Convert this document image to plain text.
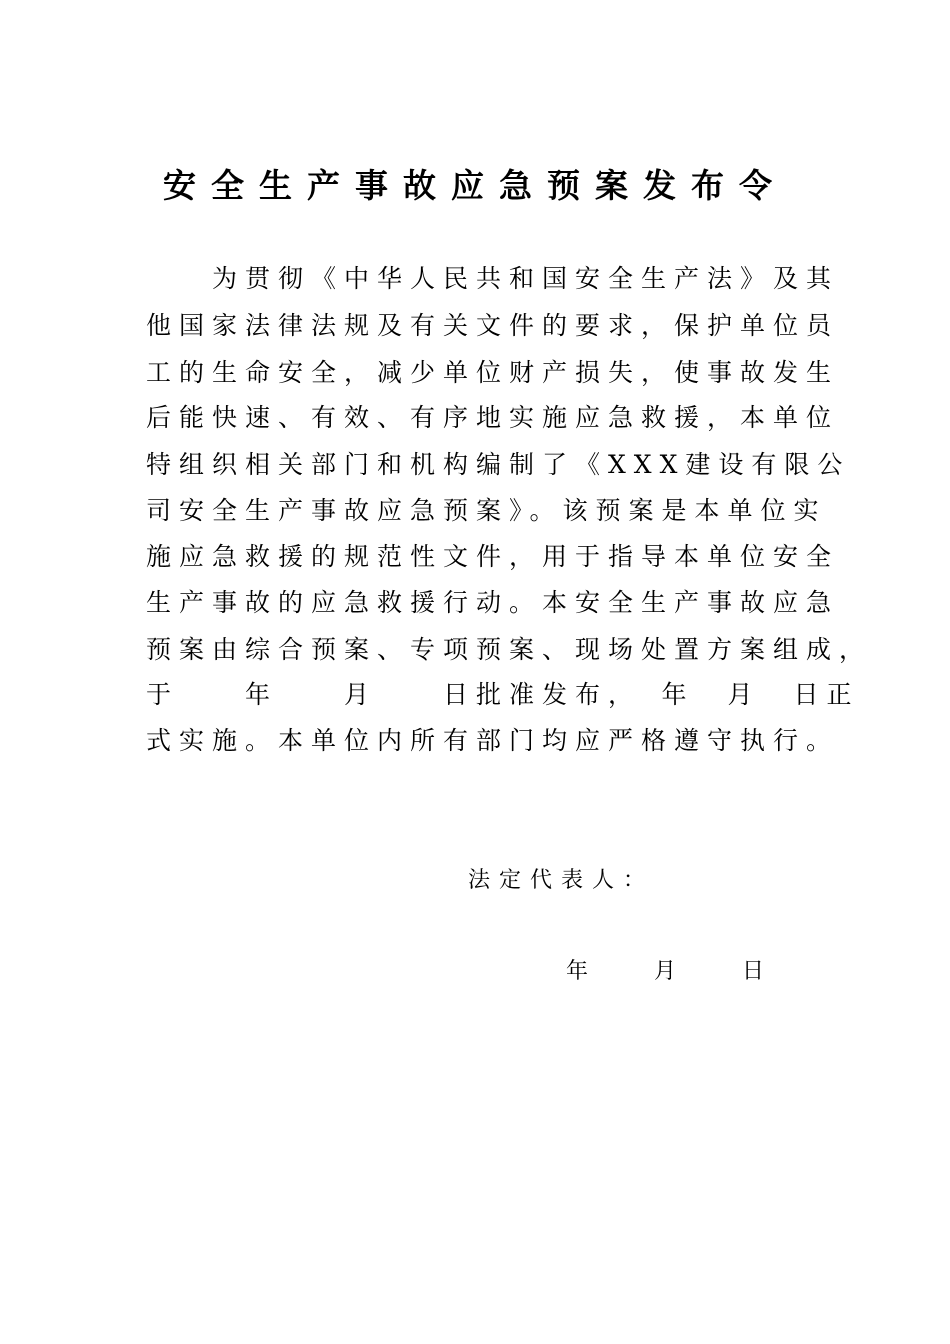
安全生产事故应急预案发布令

　　为贯彻《中华人民共和国安全生产法》及其

他国家法律法规及有关文件的要求，保护单位员

工的生命安全，减少单位财产损失，使事故发生

后能快速、有效、有序地实施应急救援，本单位

特组织相关部门和机构编制了《XXX建设有限公

司安全生产事故应急预案》。该预案是本单位实

施应急救援的规范性文件，用于指导本单位安全

生产事故的应急救援行动。本安全生产事故应急

预案由综合预案、专项预案、现场处置方案组成，

于　　年　　月　　日批准发布，　年　月　日正

式实施。本单位内所有部门均应严格遵守执行。

法定代表人：
年　　　月　　　日
